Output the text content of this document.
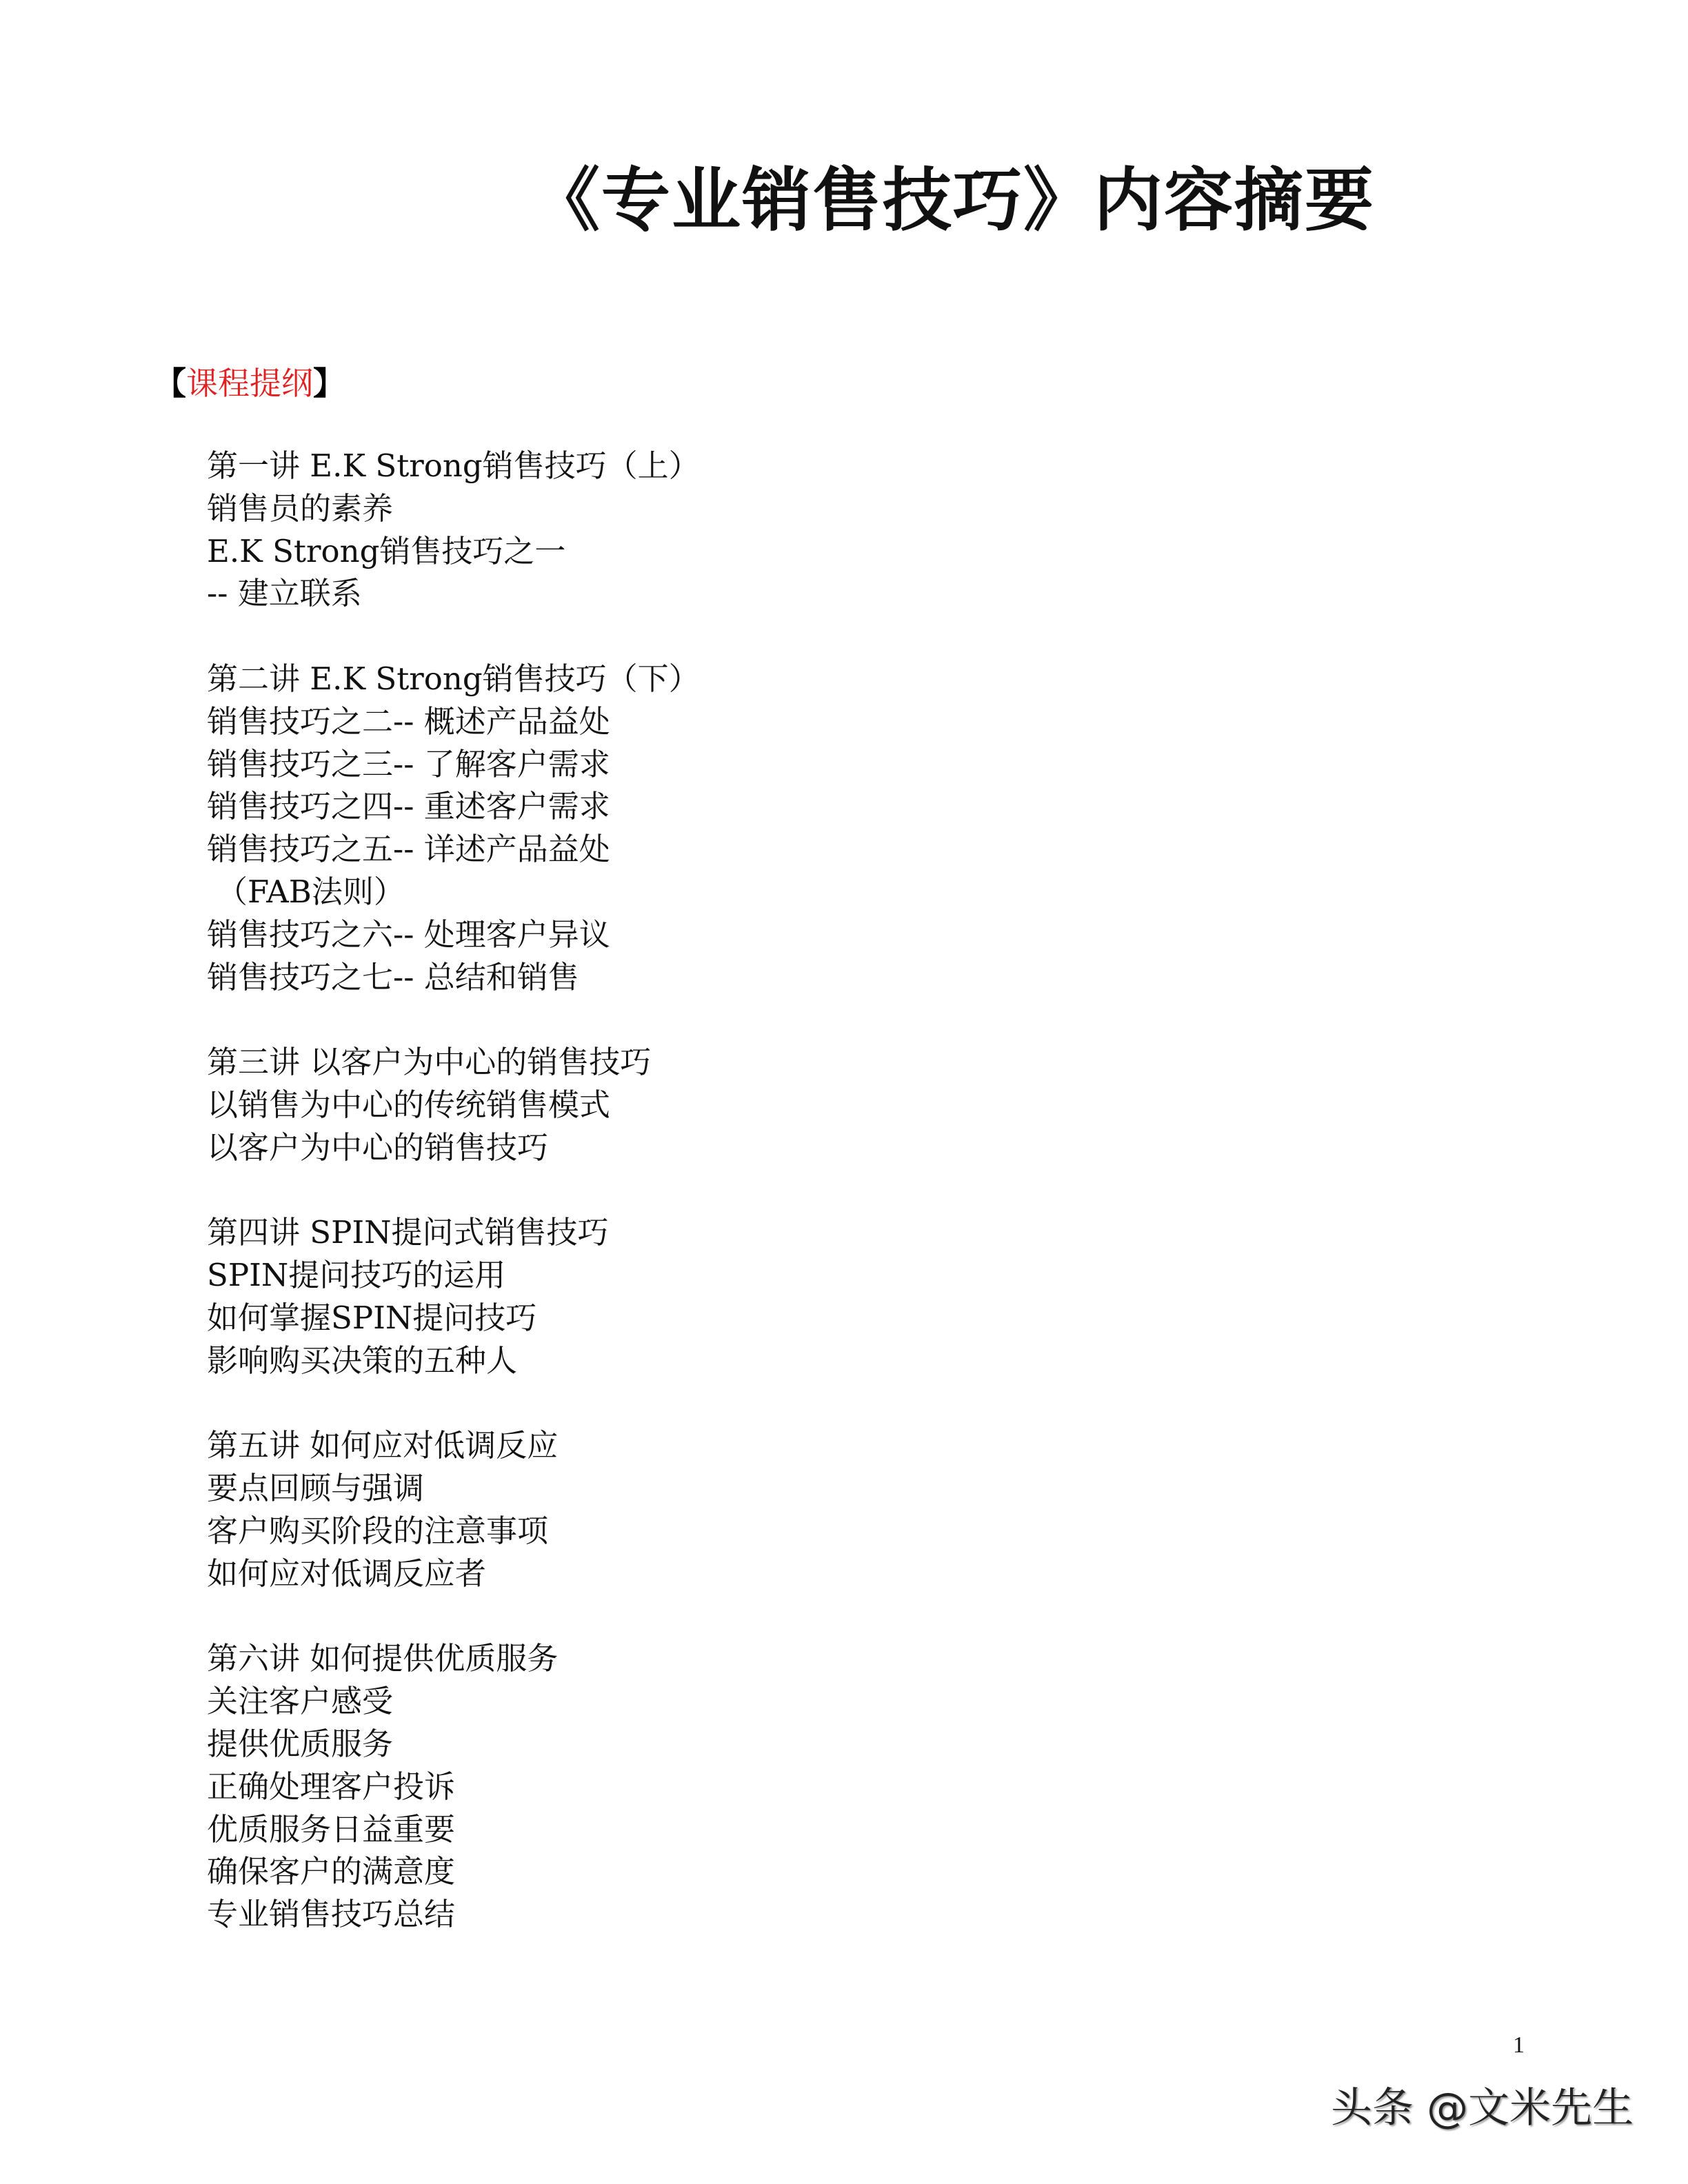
《专业销售技巧》内容摘要
【课程提纲】
第一讲 E.K Strong销售技巧（上）
销售员的素养
E.K Strong销售技巧之一
-- 建立联系
第二讲 E.K Strong销售技巧（下）
销售技巧之二-- 概述产品益处
销售技巧之三-- 了解客户需求
销售技巧之四-- 重述客户需求
销售技巧之五-- 详述产品益处
（FAB法则）
销售技巧之六-- 处理客户异议
销售技巧之七-- 总结和销售
第三讲 以客户为中心的销售技巧
以销售为中心的传统销售模式
以客户为中心的销售技巧
第四讲 SPIN提问式销售技巧
SPIN提问技巧的运用
如何掌握SPIN提问技巧
影响购买决策的五种人
第五讲 如何应对低调反应
要点回顾与强调
客户购买阶段的注意事项
如何应对低调反应者
第六讲 如何提供优质服务
关注客户感受
提供优质服务
正确处理客户投诉
优质服务日益重要
确保客户的满意度
专业销售技巧总结
1
头条 @文米先生
